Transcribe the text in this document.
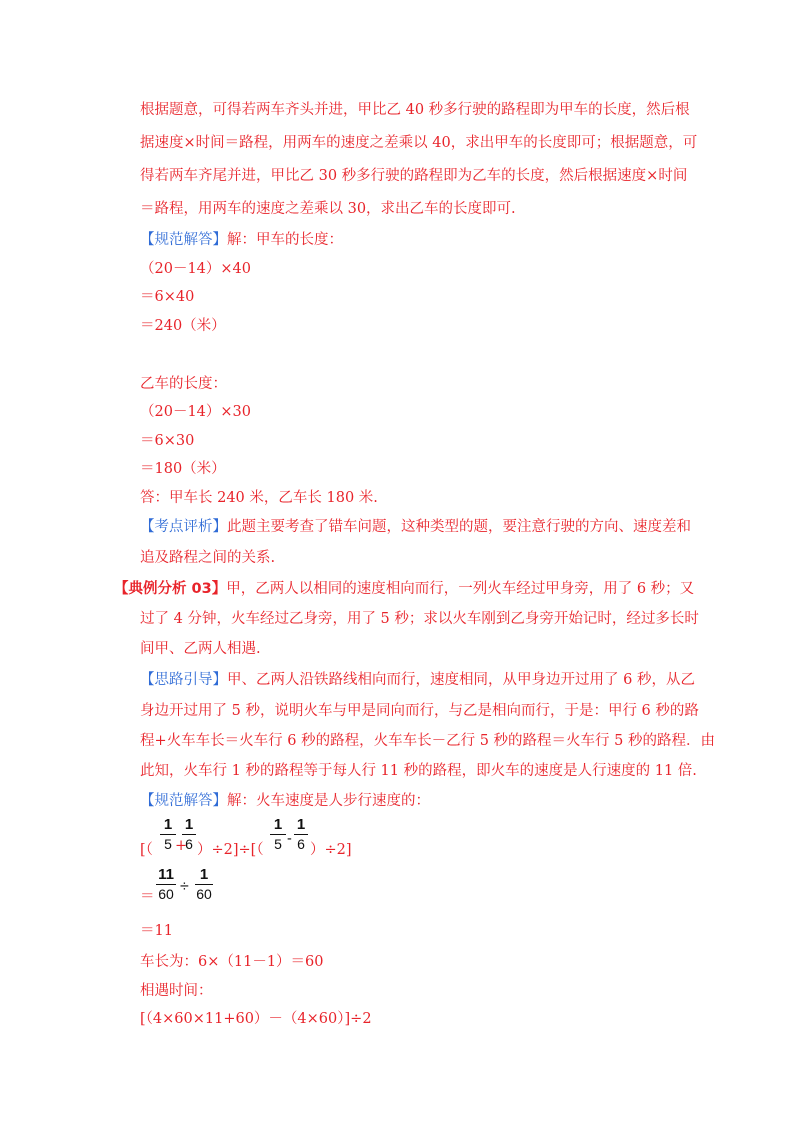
根据题意，可得若两车齐头并进，甲比乙 40 秒多行驶的路程即为甲车的长度，然后根
据速度×时间＝路程，用两车的速度之差乘以 40，求出甲车的长度即可；根据题意，可
得若两车齐尾并进，甲比乙 30 秒多行驶的路程即为乙车的长度，然后根据速度×时间
＝路程，用两车的速度之差乘以 30，求出乙车的长度即可.
【规范解答】解：甲车的长度：
（20－14）×40
＝6×40
＝240（米）
乙车的长度：
（20－14）×30
＝6×30
＝180（米）
答：甲车长 240 米，乙车长 180 米.
【考点评析】此题主要考查了错车问题，这种类型的题，要注意行驶的方向、速度差和
追及路程之间的关系.
【典例分析 03】甲，乙两人以相同的速度相向而行，一列火车经过甲身旁，用了 6 秒；又
过了 4 分钟，火车经过乙身旁，用了 5 秒；求以火车刚到乙身旁开始记时，经过多长时
间甲、乙两人相遇.
【思路引导】甲、乙两人沿铁路线相向而行，速度相同，从甲身边开过用了 6 秒，从乙
身边开过用了 5 秒，说明火车与甲是同向而行，与乙是相向而行，于是：甲行 6 秒的路
程+火车车长＝火车行 6 秒的路程，火车车长－乙行 5 秒的路程＝火车行 5 秒的路程．由
此知，火车行 1 秒的路程等于每人行 11 秒的路程，即火车的速度是人行速度的 11 倍.
【规范解答】解：火车速度是人步行速度的：
[（
1
5 +
1
6 ）÷2]÷[（
1
5 -
1
6 ）÷2]
＝
11
60 ÷
1
60
＝11
车长为：6×（11－1）＝60
相遇时间：
[（4×60×11+60）－（4×60）]÷2
